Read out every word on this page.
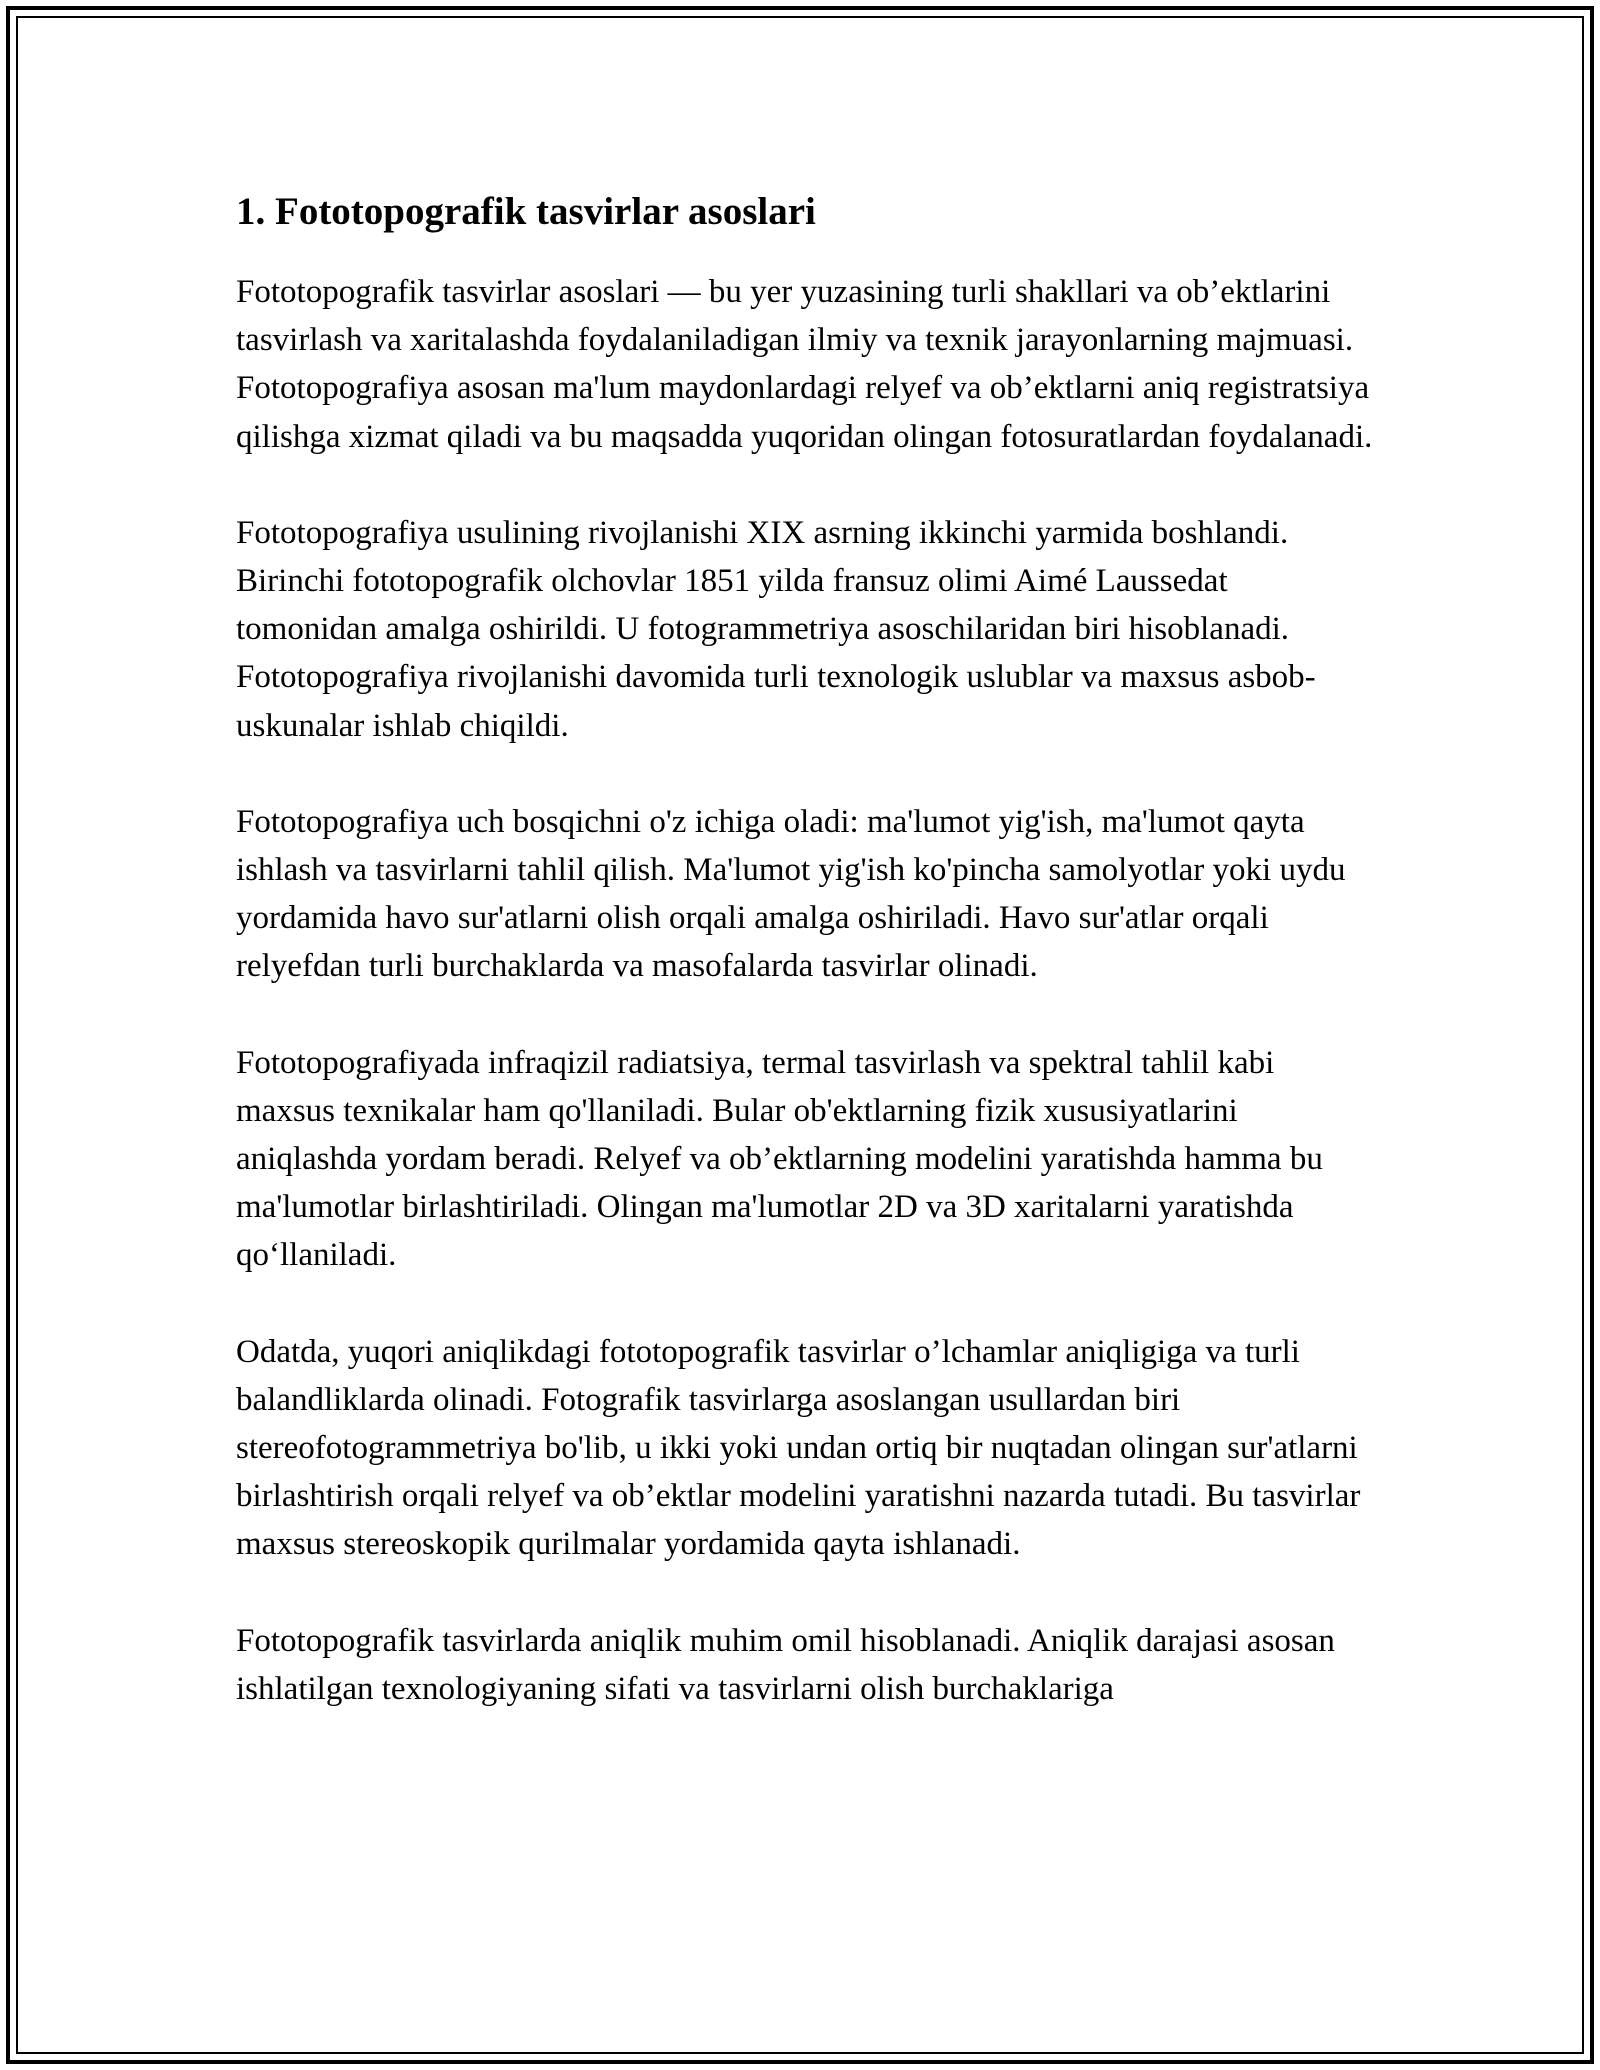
1. Fototopografik tasvirlar asoslari

Fototopografik tasvirlar asoslari — bu yer yuzasining turli shakllari va ob’ektlarini tasvirlash va xaritalashda foydalaniladigan ilmiy va texnik jarayonlarning majmuasi. Fototopografiya asosan ma'lum maydonlardagi relyef va ob’ektlarni aniq registratsiya qilishga xizmat qiladi va bu maqsadda yuqoridan olingan fotosuratlardan foydalanadi.

Fototopografiya usulining rivojlanishi XIX asrning ikkinchi yarmida boshlandi. Birinchi fototopografik olchovlar 1851 yilda fransuz olimi Aimé Laussedat tomonidan amalga oshirildi. U fotogrammetriya asoschilaridan biri hisoblanadi. Fototopografiya rivojlanishi davomida turli texnologik uslublar va maxsus asbob-uskunalar ishlab chiqildi.

Fototopografiya uch bosqichni o'z ichiga oladi: ma'lumot yig'ish, ma'lumot qayta ishlash va tasvirlarni tahlil qilish. Ma'lumot yig'ish ko'pincha samolyotlar yoki uydu yordamida havo sur'atlarni olish orqali amalga oshiriladi. Havo sur'atlar orqali relyefdan turli burchaklarda va masofalarda tasvirlar olinadi.

Fototopografiyada infraqizil radiatsiya, termal tasvirlash va spektral tahlil kabi maxsus texnikalar ham qo'llaniladi. Bular ob'ektlarning fizik xususiyatlarini aniqlashda yordam beradi. Relyef va ob’ektlarning modelini yaratishda hamma bu ma'lumotlar birlashtiriladi. Olingan ma'lumotlar 2D va 3D xaritalarni yaratishda qo‘llaniladi.

Odatda, yuqori aniqlikdagi fototopografik tasvirlar o’lchamlar aniqligiga va turli balandliklarda olinadi. Fotografik tasvirlarga asoslangan usullardan biri stereofotogrammetriya bo'lib, u ikki yoki undan ortiq bir nuqtadan olingan sur'atlarni birlashtirish orqali relyef va ob’ektlar modelini yaratishni nazarda tutadi. Bu tasvirlar maxsus stereoskopik qurilmalar yordamida qayta ishlanadi.

Fototopografik tasvirlarda aniqlik muhim omil hisoblanadi. Aniqlik darajasi asosan ishlatilgan texnologiyaning sifati va tasvirlarni olish burchaklariga
